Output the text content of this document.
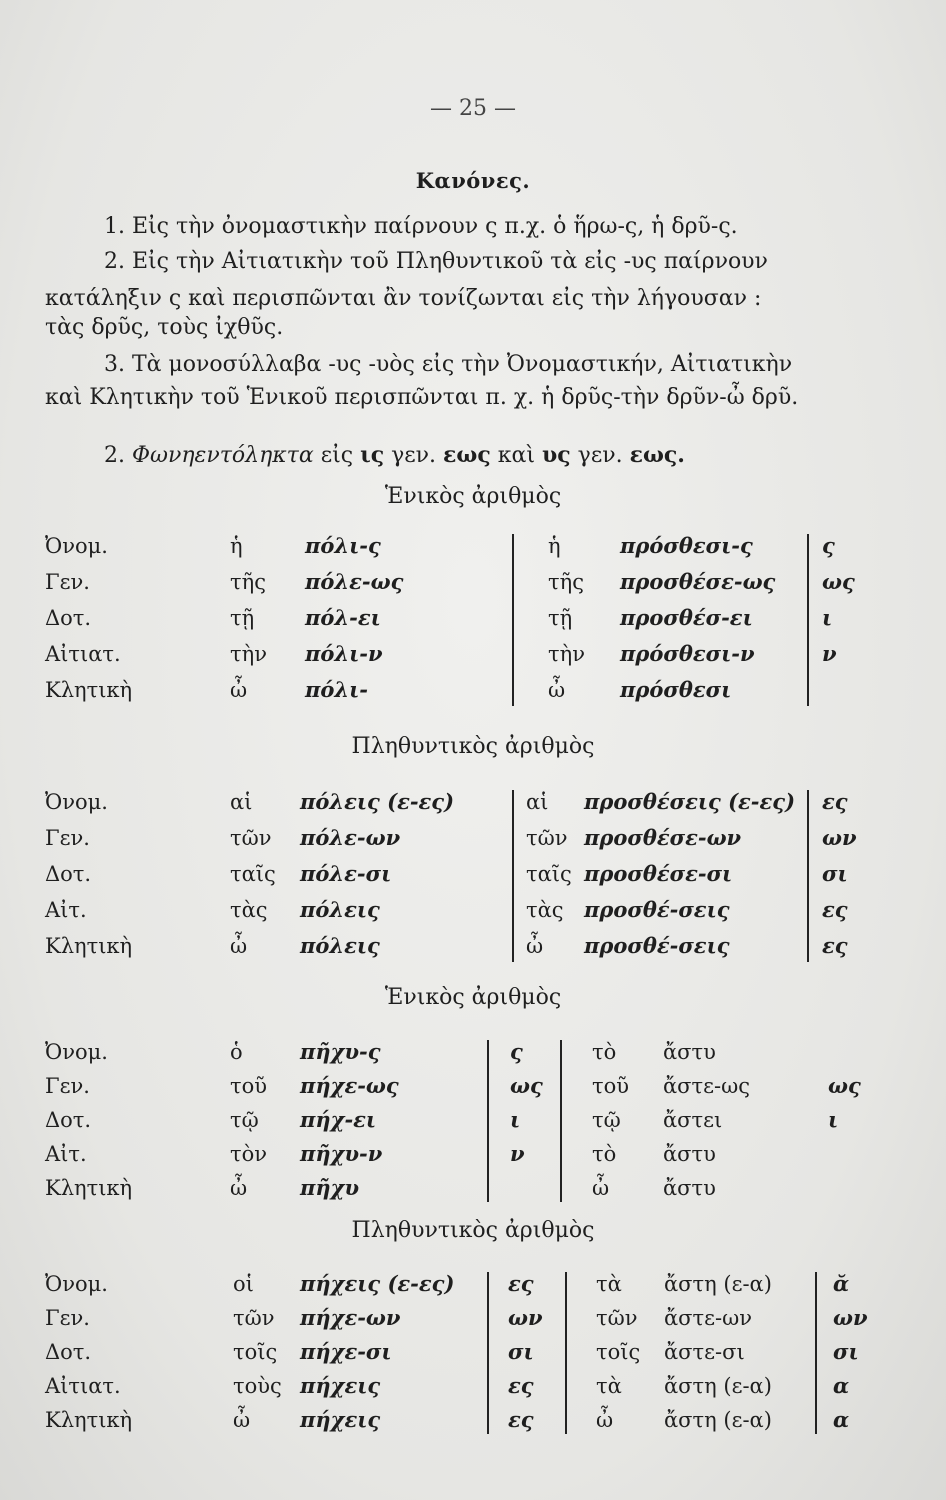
— 25 —
Κανόνες.
1. Εἰς τὴν ὀνομαστικὴν παίρνουν ς π.χ. ὁ ἥρω-ς, ἡ δρῦ-ς.
2. Εἰς τὴν Αἰτιατικὴν τοῦ Πληθυντικοῦ τὰ εἰς -υς παίρνουν
κατάληξιν ς καὶ περισπῶνται ἂν τονίζωνται εἰς τὴν λήγουσαν :
τὰς δρῦς, τοὺς ἰχθῦς.
3. Τὰ μονοσύλλαβα -υς -υὸς εἰς τὴν Ὀνομαστικήν, Αἰτιατικὴν
καὶ Κλητικὴν τοῦ Ἑνικοῦ περισπῶνται π. χ. ἡ δρῦς-τὴν δρῦν-ὦ δρῦ.
2. Φωνηεντόληκτα εἰς ις γεν. εως καὶ υς γεν. εως.
Ἑνικὸς ἀριθμὸς
Ὀνομ.	ἡ	πόλι-ς	ἡ	πρόσθεσι-ς	ς
Γεν.	τῆς πόλε-ως	τῆς προσθέσε-ως ως
Δοτ.	τῇ πόλ-ει	τῇ προσθέσ-ει	ι
Αἰτιατ.	τὴν πόλι-ν	τὴν πρόσθεσι-ν	ν
Κλητικὴ	ὦ	πόλι-	ὦ	πρόσθεσι
Πληθυντικὸς ἀριθμὸς
Ὀνομ.	αἱ πόλεις (ε-ες)	αἱ προσθέσεις (ε-ες) ες
Γεν.	τῶν πόλε-ων	τῶν προσθέσε-ων	ων
Δοτ.	ταῖς πόλε-σι	ταῖς προσθέσε-σι	σι
Αἰτ.	τὰς πόλεις	τὰς προσθέ-σεις	ες
Κλητικὴ	ὦ	πόλεις	ὦ προσθέ-σεις	ες
Ἑνικὸς ἀριθμὸς
Ὀνομ.	ὁ	πῆχυ-ς	ς	τὸ ἄστυ
Γεν.	τοῦ πήχε-ως	ως τοῦ ἄστε-ως	ως
Δοτ.	τῷ πήχ-ει	ι	τῷ ἄστει	ι
Αἰτ.	τὸν πῆχυ-ν	ν	τὸ ἄστυ
Κλητικὴ	ὦ	πῆχυ	ὦ	ἄστυ
Πληθυντικὸς ἀριθμὸς
Ὀνομ.	οἱ πήχεις (ε-ες)	ες	τὰ ἄστη (ε-α)	ᾰ
Γεν.	τῶν πήχε-ων	ων	τῶν ἄστε-ων	ων
Δοτ.	τοῖς πήχε-σι	σι	τοῖς ἄστε-σι	σι
Αἰτιατ.	τοὺς πήχεις	ες	τὰ ἄστη (ε-α)	α
Κλητικὴ	ὦ πήχεις	ες	ὦ ἄστη (ε-α)	α
